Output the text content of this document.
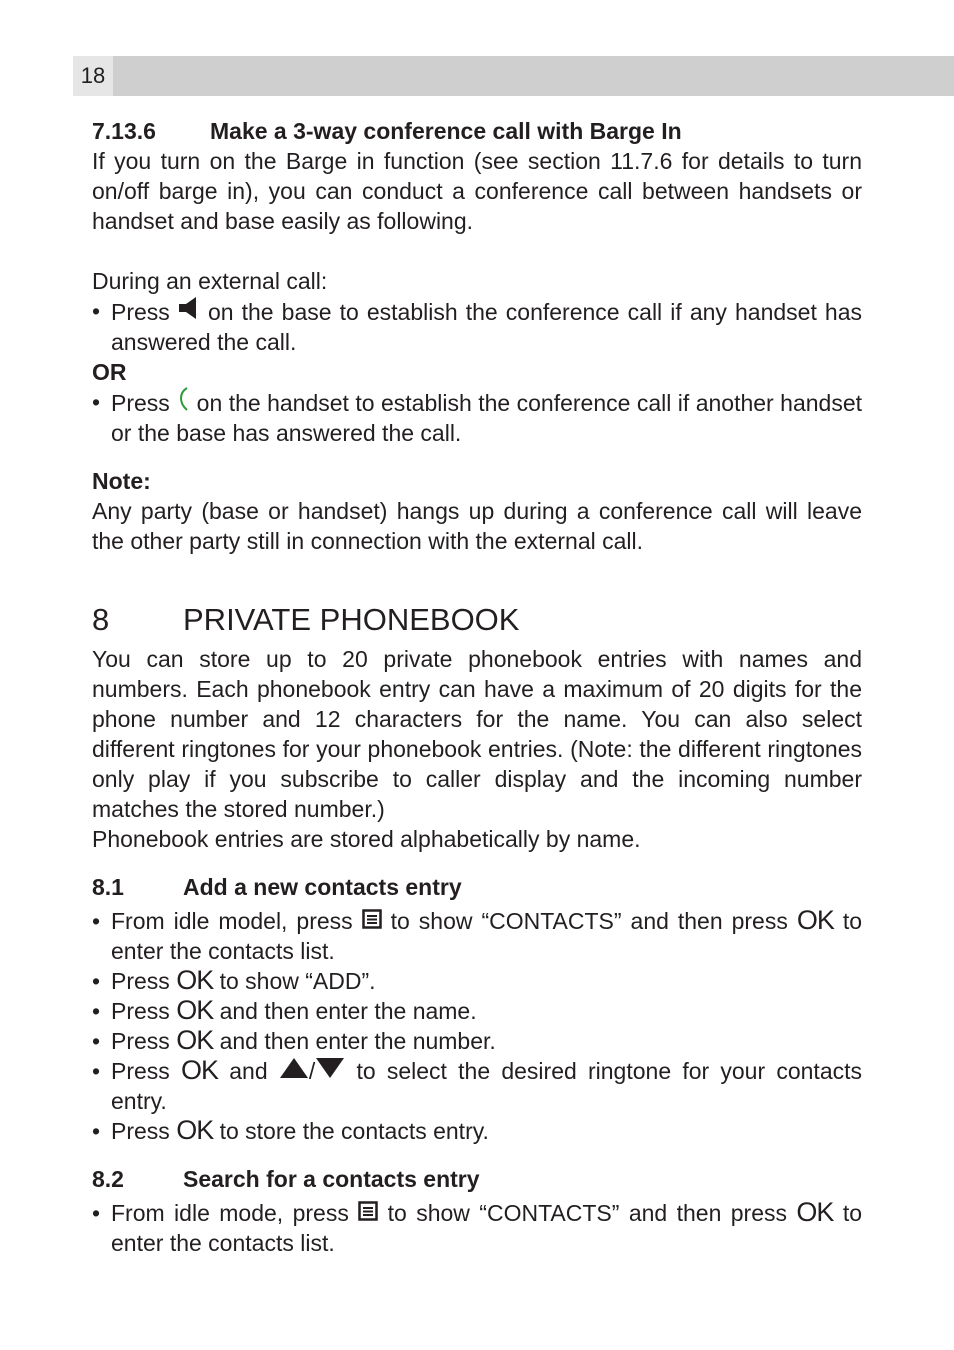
18
7.13.6	Make a 3-way conference call with Barge In

If you turn on the Barge in function (see section 11.7.6 for details to turn on/off barge in), you can conduct a conference call between handsets or handset and base easily as following.

During an external call:

• Press on the base to establish the conference call if any handset has answered the call.
OR
• Press on the handset to establish the conference call if another handset or the base has answered the call.
Note:

Any party (base or handset) hangs up during a conference call will leave the other party still in connection with the external call.

8	PRIVATE PHONEBOOK

You can store up to 20 private phonebook entries with names and numbers. Each phonebook entry can have a maximum of 20 digits for the phone number and 12 characters for the name. You can also select different ringtones for your phonebook entries. (Note: the different ringtones only play if you subscribe to caller display and the incoming number matches the stored number.)

Phonebook entries are stored alphabetically by name.

8.1	Add a new contacts entry
• From idle model, press to show “CONTACTS” and then press OK to enter the contacts list.
• Press OK to show “ADD”.
• Press OK and then enter the name.
• Press OK and then enter the number.
• Press OK and / to select the desired ringtone for your contacts entry.
• Press OK to store the contacts entry.
8.2	Search for a contacts entry
• From idle mode, press to show “CONTACTS” and then press OK to enter the contacts list.
